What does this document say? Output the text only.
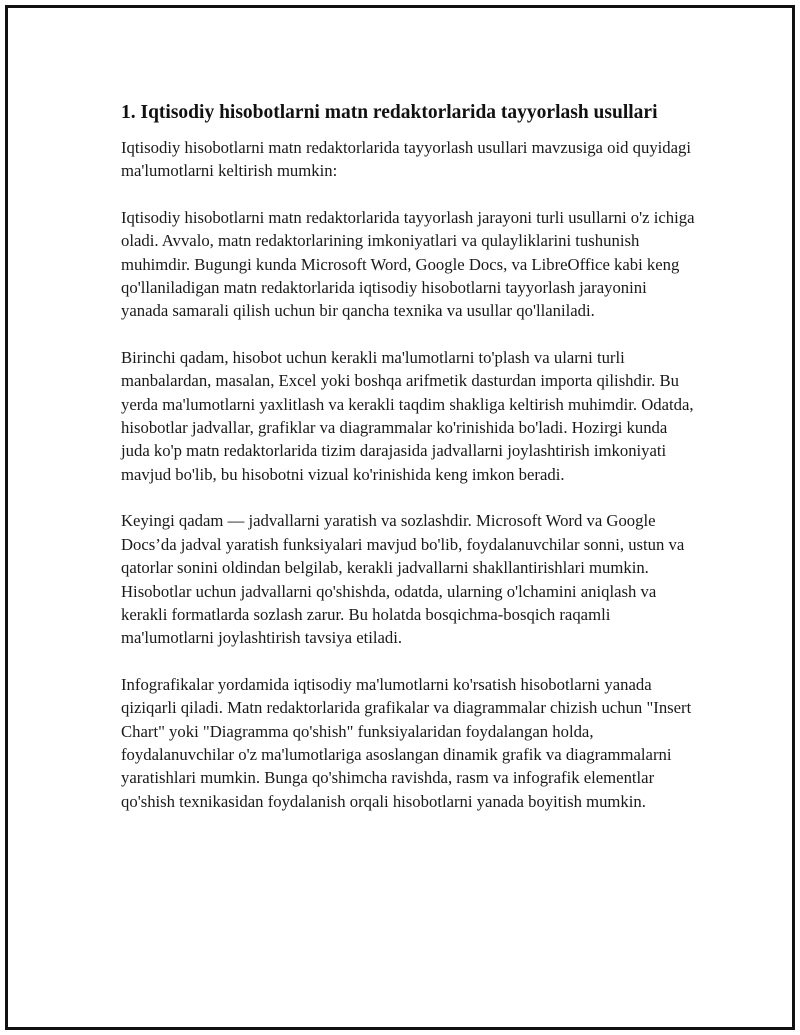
1. Iqtisodiy hisobotlarni matn redaktorlarida tayyorlash usullari

Iqtisodiy hisobotlarni matn redaktorlarida tayyorlash usullari mavzusiga oid quyidagi ma'lumotlarni keltirish mumkin:

Iqtisodiy hisobotlarni matn redaktorlarida tayyorlash jarayoni turli usullarni o'z ichiga oladi. Avvalo, matn redaktorlarining imkoniyatlari va qulayliklarini tushunish muhimdir. Bugungi kunda Microsoft Word, Google Docs, va LibreOffice kabi keng qo'llaniladigan matn redaktorlarida iqtisodiy hisobotlarni tayyorlash jarayonini yanada samarali qilish uchun bir qancha texnika va usullar qo'llaniladi.

Birinchi qadam, hisobot uchun kerakli ma'lumotlarni to'plash va ularni turli manbalardan, masalan, Excel yoki boshqa arifmetik dasturdan importa qilishdir. Bu yerda ma'lumotlarni yaxlitlash va kerakli taqdim shakliga keltirish muhimdir. Odatda, hisobotlar jadvallar, grafiklar va diagrammalar ko'rinishida bo'ladi. Hozirgi kunda juda ko'p matn redaktorlarida tizim darajasida jadvallarni joylashtirish imkoniyati mavjud bo'lib, bu hisobotni vizual ko'rinishida keng imkon beradi.

Keyingi qadam — jadvallarni yaratish va sozlashdir. Microsoft Word va Google Docs’da jadval yaratish funksiyalari mavjud bo'lib, foydalanuvchilar sonni, ustun va qatorlar sonini oldindan belgilab, kerakli jadvallarni shakllantirishlari mumkin. Hisobotlar uchun jadvallarni qo'shishda, odatda, ularning o'lchamini aniqlash va kerakli formatlarda sozlash zarur. Bu holatda bosqichma-bosqich raqamli ma'lumotlarni joylashtirish tavsiya etiladi.

Infografikalar yordamida iqtisodiy ma'lumotlarni ko'rsatish hisobotlarni yanada qiziqarli qiladi. Matn redaktorlarida grafikalar va diagrammalar chizish uchun "Insert Chart" yoki "Diagramma qo'shish" funksiyalaridan foydalangan holda, foydalanuvchilar o'z ma'lumotlariga asoslangan dinamik grafik va diagrammalarni yaratishlari mumkin. Bunga qo'shimcha ravishda, rasm va infografik elementlar qo'shish texnikasidan foydalanish orqali hisobotlarni yanada boyitish mumkin.
